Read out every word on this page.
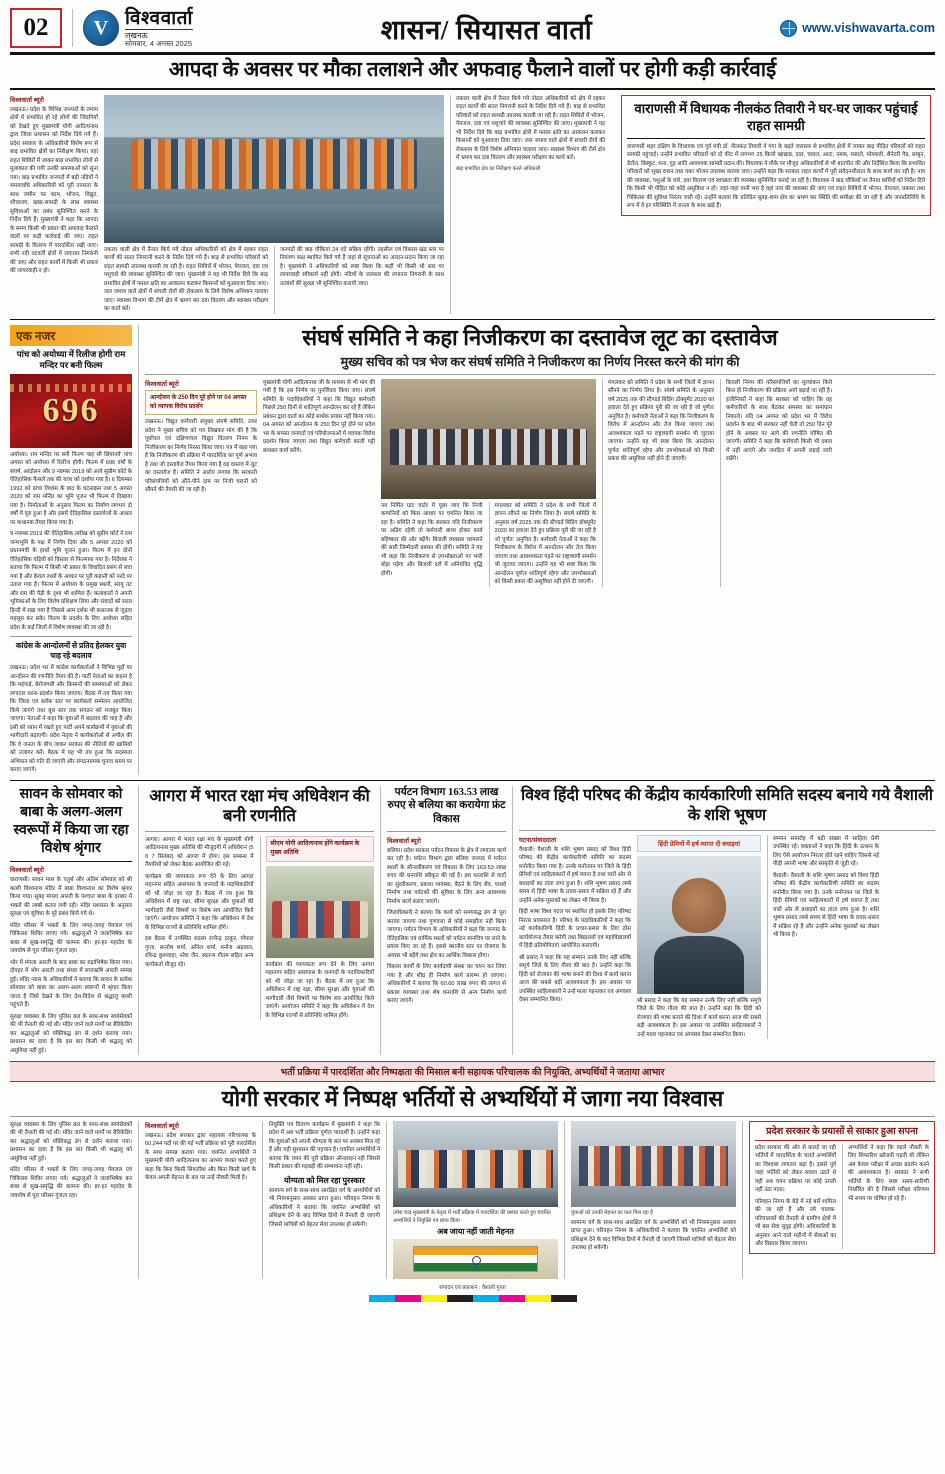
02 V	विश्ववार्ता
लखनऊ
सोमवार, 4 अगस्त 2025	शासन/ सियासत वार्ता	www.vishwavarta.com
आपदा के अवसर पर मौका तलाशने और अफवाह फैलाने वालों पर होगी कड़ी कार्रवाई
विश्ववार्ता ब्यूरो
लखनऊ। प्रदेश के विभिन्न जनपदों के तमाम क्षेत्रों में प्रभावित हो रहे लोगों की जिंदगियों को देखते हुए मुख्यमंत्री योगी आदित्यनाथ द्वारा जिला प्रशासन को निर्देश दिये गये हैं। प्रदेश सरकार के अधिकारियों विशेष रूप से बाढ़ प्रभावित क्षेत्रों का निरीक्षण किया। वहां राहत शिविरों में जाकर बाढ़ प्रभावित लोगों से मुलाकात की गयी उनकी समस्याओं को सुना गया। बाढ़ प्रभावित जनपदों में बड़ी नदियों ने समयावधि अधिकारियों को पूरी तत्परता के साथ जमीन पर काम, भोजन, विद्युत, शौचालय, खाद्य-सामग्री के साथ स्वास्थ्य सुविधाओं का प्रबंध सुनिश्चित करने के निर्देश दिये हैं। मुख्यमंत्री ने कहा कि आपदा के समय किसी भी प्रकार की अफवाह फैलाने वालों पर कड़ी कार्रवाई की जाए। राहत सामग्री के वितरण में पारदर्शिता रखी जाए। सभी नदी तटवर्ती क्षेत्रों में लगातार निगरानी की जाए और राहत कार्यों में किसी भी प्रकार की लापरवाही न हो।
तकरार वाली क्षेत्र में तैनात किये गये नोडल अधिकारियों को क्षेत्र में रहकर राहत कार्यों की सतत निगरानी करने के निर्देश दिये गये हैं। बाढ़ से प्रभावित परिवारों को राहत सामग्री उपलब्ध करायी जा रही है। राहत शिविरों में भोजन, पेयजल, दवा एवं पशुचारे की व्यवस्था सुनिश्चित की जाए। मुख्यमंत्री ने यह भी निर्देश दिये कि बाढ़ प्रभावित क्षेत्रों में फसल क्षति का आकलन कराकर किसानों को मुआवजा दिया जाए। जल जमाव वाले क्षेत्रों में संचारी रोगों की रोकथाम के लिये विशेष अभियान चलाया जाए। स्वास्थ्य विभाग की टीमें क्षेत्र में भ्रमण कर दवा वितरण और स्वास्थ्य परीक्षण का कार्य करें।
जनपदों की बाढ़ चौकियां 24 घंटे सक्रिय रहेंगी। तहसील एवं विकास खंड स्तर पर नियंत्रण कक्ष स्थापित किये गये हैं जहां से सूचनाओं का आदान-प्रदान किया जा रहा है। मुख्यमंत्री ने अधिकारियों को स्पष्ट किया कि कहीं भी किसी भी स्तर पर लापरवाही स्वीकार्य नहीं होगी। नदियों के जलस्तर की लगातार निगरानी के साथ तटबंधों की सुरक्षा भी सुनिश्चित करायी जाए।
तकरार वाली क्षेत्र में तैनात किये गये नोडल अधिकारियों को क्षेत्र में रहकर राहत कार्यों की सतत निगरानी करने के निर्देश दिये गये हैं। बाढ़ से प्रभावित परिवारों को राहत सामग्री उपलब्ध करायी जा रही है। राहत शिविरों में भोजन, पेयजल, दवा एवं पशुचारे की व्यवस्था सुनिश्चित की जाए। मुख्यमंत्री ने यह भी निर्देश दिये कि बाढ़ प्रभावित क्षेत्रों में फसल क्षति का आकलन कराकर किसानों को मुआवजा दिया जाए। जल जमाव वाले क्षेत्रों में संचारी रोगों की रोकथाम के लिये विशेष अभियान चलाया जाए। स्वास्थ्य विभाग की टीमें क्षेत्र में भ्रमण कर दवा वितरण और स्वास्थ्य परीक्षण का कार्य करें।
बाढ़ प्रभावित क्षेत्र का निरीक्षण करते अधिकारी
वाराणसी में विधायक नीलकंठ तिवारी ने घर-घर जाकर पहुंचाई राहत सामग्री
वाराणसी शहर दक्षिण के विधायक एवं पूर्व मंत्री डॉ. नीलकंठ तिवारी ने गंगा के बढ़ते जलस्तर से प्रभावित क्षेत्रों में जाकर बाढ़ पीड़ित परिवारों को राहत सामग्री पहुंचाई। उन्होंने प्रभावित परिवारों को दो फीट में लगभग 25 किलो खाद्यान्न, दाल, चावल, आटा, नमक, मसाले, मोमबत्ती, सैनेटरी पैड, साबुन, डेटॉल, बिस्कुट, चना, गुड़ आदि आवश्यक सामग्री प्रदान की। विधायक ने मौके पर मौजूद अधिकारियों से भी बातचीत की और निर्देशित किया कि प्रभावित परिवारों को सूखा राशन तथा पका भोजन उपलब्ध कराया जाए। उन्होंने कहा कि सरकार राहत कार्यों में पूरी संवेदनशीलता के साथ कार्य कर रही है। नाव की व्यवस्था, पशुओं के चारे, दवा वितरण एवं स्वच्छता की व्यवस्था सुनिश्चित कराई जा रही है। विधायक ने बाढ़ चौकियों पर तैनात कर्मियों को निर्देश दिये कि किसी भी पीड़ित को कोई असुविधा न हो। जहां-जहां पानी भरा है वहां नाव की व्यवस्था की जाए एवं राहत शिविरों में भोजन, पेयजल, प्रकाश तथा चिकित्सा की सुविधा निरंतर जारी रहे। उन्होंने बताया कि प्रतिदिन सुबह-शाम क्षेत्र का भ्रमण कर स्थिति की समीक्षा की जा रही है और जनप्रतिनिधि के रूप में वे हर परिस्थिति में जनता के साथ खड़े हैं।
एक नजर
पांच को अयोध्या में रिलीज होगी राम मन्दिर पर बनी फिल्म
696
अयोध्या। राम मन्दिर पर बनी फिल्म 'छह सौ छियानवे' पांच अगस्त को अयोध्या में रिलीज होगी। फिल्म में 696 वर्षों के संघर्ष, आंदोलन और 9 नवम्बर 2019 को आये सुप्रीम कोर्ट के ऐतिहासिक फैसले तक की यात्रा को दर्शाया गया है। 6 दिसम्बर 1992 को ढांचा विध्वंस के बाद के घटनाक्रम तथा 5 अगस्त 2020 को राम मन्दिर का भूमि पूजन भी फिल्म में दिखाया गया है। निर्माताओं के अनुसार फिल्म का निर्माण लगभग दो वर्षों में पूरा हुआ है और इसमें ऐतिहासिक दस्तावेजों के आधार पर कथानक तैयार किया गया है।
9 नवम्बर 2019 की ऐतिहासिक तारीख को सुप्रीम कोर्ट ने राम जन्मभूमि के पक्ष में निर्णय दिया और 5 अगस्त 2020 को प्रधानमंत्री के हाथों भूमि पूजन हुआ। फिल्म में इन दोनों ऐतिहासिक घड़ियों को विस्तार से फिल्माया गया है। निर्देशक ने बताया कि फिल्म में किसी भी प्रकार के विवादित प्रसंग से बचा गया है और केवल तथ्यों के आधार पर पूरी कहानी को परदे पर उतारा गया है। फिल्म में अयोध्या के प्रमुख स्थलों, सरयू तट और राम की पैड़ी के दृश्य भी शामिल हैं। कलाकारों ने अपनी भूमिकाओं के लिए विशेष प्रशिक्षण लिया और संवादों को सरल हिन्दी में रखा गया है जिससे आम दर्शक भी कथानक से जुड़ाव महसूस कर सके। फिल्म के प्रदर्शन के लिए अयोध्या सहित प्रदेश के कई जिलों में विशेष व्यवस्था की जा रही है।
कांग्रेस के आन्दोलनों से प्रतिद हेलकर युवा चाह रहे बदलाव
लखनऊ। प्रदेश भर में कांग्रेस कार्यकर्ताओं ने विभिन्न मुद्दों पर आन्दोलन की रणनीति तैयार की है। पार्टी नेताओं का कहना है कि महंगाई, बेरोजगारी और किसानों की समस्याओं को लेकर लगातार धरना-प्रदर्शन किया जाएगा। बैठक में तय किया गया कि जिला एवं ब्लॉक स्तर पर कार्यकर्ता सम्मेलन आयोजित किये जाएंगे तथा बूथ स्तर तक संगठन को मजबूत किया जाएगा। नेताओं ने कहा कि युवाओं में बदलाव की चाह है और इसी को ध्यान में रखते हुए पार्टी अपने कार्यक्रमों में युवाओं की भागीदारी बढ़ाएगी। प्रदेश नेतृत्व ने कार्यकर्ताओं से अपील की कि वे जनता के बीच जाकर सरकार की नीतियों की खामियों को उजागर करें। बैठक में यह भी तय हुआ कि सदस्यता अभियान को गति दी जाएगी और संगठनात्मक चुनाव समय पर कराए जाएंगे।
संघर्ष समिति ने कहा निजीकरण का दस्तावेज लूट का दस्तावेज
मुख्य सचिव को पत्र भेज कर संघर्ष समिति ने निजीकरण का निर्णय निरस्त करने की मांग की
विश्ववार्ता ब्यूरो
आन्दोलन के 250 दिन पूरे होने पर 04 अगस्त को व्यापक विरोध प्रदर्शन
लखनऊ। विद्युत कर्मचारी संयुक्त संघर्ष समिति, उत्तर प्रदेश ने मुख्य सचिव को पत्र लिखकर मांग की है कि पूर्वांचल एवं दक्षिणांचल विद्युत वितरण निगम के निजीकरण का निर्णय निरस्त किया जाए। पत्र में कहा गया है कि निजीकरण की प्रक्रिया में पारदर्शिता का पूर्ण अभाव है तथा जो दस्तावेज तैयार किया गया है वह वास्तव में लूट का दस्तावेज है। समिति ने आरोप लगाया कि सरकारी परिसंपत्तियों को औने-पौने दाम पर निजी घरानों को सौंपने की तैयारी की जा रही है।
मुख्यमंत्री योगी आदित्यनाथ जी के माध्यम से भी मांग की गयी है कि इस निर्णय पर पुनर्विचार किया जाए। संघर्ष समिति के पदाधिकारियों ने कहा कि विद्युत कर्मचारी पिछले 250 दिनों से शांतिपूर्ण आन्दोलन कर रहे हैं लेकिन प्रबंधन द्वारा वार्ता का कोई सार्थक प्रयास नहीं किया गया। 04 अगस्त को आन्दोलन के 250 दिन पूरे होने पर प्रदेश भर के समस्त जनपदों एवं परियोजनाओं में व्यापक विरोध प्रदर्शन किया जाएगा तथा विद्युत कर्मचारी काली पट्टी बांधकर कार्य करेंगे।
नव निर्मित ग्रांट चार्टर में पूछा जाए कि निजी कम्पनियों को किस आधार पर चयनित किया जा रहा है। समिति ने कहा कि सरकार यदि निजीकरण पर अडिग रहेगी तो कर्मचारी बाध्य होकर कार्य बहिष्कार की ओर बढ़ेंगे। बिजली व्यवस्था चरमराने की सारी जिम्मेदारी प्रबंधन की होगी। समिति ने यह भी कहा कि निजीकरण से उपभोक्ताओं पर भारी बोझ पड़ेगा और बिजली दरों में अनियंत्रित वृद्धि होगी।
मंगलवार को समिति ने प्रदेश के सभी जिलों में ज्ञापन सौंपने का निर्णय लिया है। संघर्ष समिति के अनुसार वर्ष 2025 तक की स्टैण्डर्ड बिडिंग डॉक्यूमेंट 2020 का हवाला देते हुए प्रक्रिया पूरी की जा रही है जो पूर्णतः अनुचित है। कर्मचारी नेताओं ने कहा कि निजीकरण के विरोध में आन्दोलन और तेज किया जाएगा तथा आवश्यकता पड़ने पर राष्ट्रव्यापी समर्थन भी जुटाया जाएगा। उन्होंने यह भी स्पष्ट किया कि आन्दोलन पूर्णतः शांतिपूर्ण रहेगा और उपभोक्ताओं को किसी प्रकार की असुविधा नहीं होने दी जाएगी।
मंगलवार को समिति ने प्रदेश के सभी जिलों में ज्ञापन सौंपने का निर्णय लिया है। संघर्ष समिति के अनुसार वर्ष 2025 तक की स्टैण्डर्ड बिडिंग डॉक्यूमेंट 2020 का हवाला देते हुए प्रक्रिया पूरी की जा रही है जो पूर्णतः अनुचित है। कर्मचारी नेताओं ने कहा कि निजीकरण के विरोध में आन्दोलन और तेज किया जाएगा तथा आवश्यकता पड़ने पर राष्ट्रव्यापी समर्थन भी जुटाया जाएगा। उन्होंने यह भी स्पष्ट किया कि आन्दोलन पूर्णतः शांतिपूर्ण रहेगा और उपभोक्ताओं को किसी प्रकार की असुविधा नहीं होने दी जाएगी।
बिजली निगम की परिसंपत्तियों का मूल्यांकन किये बिना ही निजीकरण की प्रक्रिया आगे बढ़ाई जा रही है। इंजीनियरों ने कहा कि सरकार को चाहिए कि वह कर्मचारियों के साथ बैठकर समस्या का समाधान निकाले। यदि 04 अगस्त को प्रदेश भर में विरोध प्रदर्शन के बाद भी सरकार नहीं चेती तो 250 दिन पूरे होने के अवसर पर आगे की रणनीति घोषित की जाएगी। समिति ने कहा कि कर्मचारी किसी भी दबाव में नहीं आएंगे और जनहित में अपनी लड़ाई जारी रखेंगे।
सावन के सोमवार को बाबा के अलग-अलग स्वरूपों में किया जा रहा विशेष श्रृंगार
विश्ववार्ता ब्यूरो
वाराणसी। सावन मास के चतुर्थ और अंतिम सोमवार को श्री काशी विश्वनाथ मंदिर में बाबा विश्वनाथ का विशेष श्रृंगार किया गया। सुबह मंगला आरती के पश्चात बाबा के दरबार में भक्तों की लम्बी कतार लगी रही। मंदिर प्रशासन के अनुसार सुरक्षा एवं सुविधा के पूरे प्रबंध किये गये थे।
मंदिर परिसर में भक्तों के लिए जगह-जगह पेयजल एवं चिकित्सा शिविर लगाए गये। श्रद्धालुओं ने जलाभिषेक कर बाबा से सुख-समृद्धि की कामना की। हर-हर महादेव के जयघोष से पूरा परिसर गूंजता रहा।
भोर में मंगला आरती के बाद बाबा का रुद्राभिषेक किया गया। दोपहर में भोग आरती तथा संध्या में सप्तऋषि आरती सम्पन्न हुई। मंदिर न्यास के अधिकारियों ने बताया कि सावन के प्रत्येक सोमवार को बाबा का अलग-अलग स्वरूपों में श्रृंगार किया जाता है जिसे देखने के लिए देश-विदेश से श्रद्धालु काशी पहुंचते हैं।
सुरक्षा व्यवस्था के लिए पुलिस बल के साथ-साथ स्वयंसेवकों की भी तैनाती की गई थी। मंदिर जाने वाले मार्गों पर बैरिकेडिंग कर श्रद्धालुओं को पंक्तिबद्ध ढंग से दर्शन कराया गया। प्रशासन का दावा है कि इस बार किसी भी श्रद्धालु को असुविधा नहीं हुई।
आगरा में भारत रक्षा मंच अधिवेशन की बनी रणनीति
आगरा। आगरा में भारत रक्षा मंच के मुख्यमंत्री योगी आदित्यनाथ मुख्य अतिथि की मौजूदगी में अधिवेशन (5 व 7 सितंबर) को आगरा में होगा। इस सम्बन्ध में तैयारियों को लेकर बैठक आयोजित की गई।
कार्यक्रम की व्यापकता रूप देने के लिए आगरा महानगर सहित आसपास के जनपदों के पदाधिकारियों को भी जोड़ा जा रहा है। बैठक में तय हुआ कि अधिवेशन में राष्ट्र रक्षा, सीमा सुरक्षा और युवाओं की भागीदारी जैसे विषयों पर विशेष सत्र आयोजित किये जाएंगे। आयोजन समिति ने कहा कि अधिवेशन में देश के विभिन्न राज्यों से प्रतिनिधि शामिल होंगे।
इस बैठक में उपस्थित सदस्य राजेन्द्र ठाकुर, गोपाल गुप्ता, सन्तोष शर्मा, अनिल शर्मा, मनोज अग्रवाल, रविन्द्र कुशवाहा, नरेश जैन, स्वतन्त्र गौतम सहित अन्य कार्यकर्ता मौजूद रहे।
सीएम योगी आदित्यनाथ होंगे कार्यक्रम के मुख्य अतिथि
कार्यक्रम की व्यापकता रूप देने के लिए आगरा महानगर सहित आसपास के जनपदों के पदाधिकारियों को भी जोड़ा जा रहा है। बैठक में तय हुआ कि अधिवेशन में राष्ट्र रक्षा, सीमा सुरक्षा और युवाओं की भागीदारी जैसे विषयों पर विशेष सत्र आयोजित किये जाएंगे। आयोजन समिति ने कहा कि अधिवेशन में देश के विभिन्न राज्यों से प्रतिनिधि शामिल होंगे।
पर्यटन विभाग 163.53 लाख रुपए से बलिया का करायेगा फ्रंट विकास
विश्ववार्ता ब्यूरो
बलिया। प्रदेश सरकार पर्यटन विकास के क्षेत्र में लगातार कार्य कर रही है। पर्यटन विभाग द्वारा बलिया जनपद में पर्यटन स्थलों के सौन्दर्यीकरण एवं विकास के लिए 163.53 लाख रुपए की धनराशि स्वीकृत की गई है। इस धनराशि से घाटों का सुंदरीकरण, प्रकाश व्यवस्था, बैठने के लिए बेंच, पाथवे निर्माण तथा पर्यटकों की सुविधा के लिए अन्य आवश्यक निर्माण कार्य कराए जाएंगे।
जिलाधिकारी ने बताया कि कार्य को समयबद्ध ढंग से पूरा कराया जाएगा तथा गुणवत्ता से कोई समझौता नहीं किया जाएगा। पर्यटन विभाग के अधिकारियों ने कहा कि जनपद के ऐतिहासिक एवं धार्मिक स्थलों को पर्यटन मानचित्र पर लाने के प्रयास किए जा रहे हैं। इससे स्थानीय स्तर पर रोजगार के अवसर भी बढ़ेंगे तथा क्षेत्र का आर्थिक विकास होगा।
विकास कार्यों के लिए कार्यदायी संस्था का चयन कर लिया गया है और शीघ्र ही निर्माण कार्य प्रारम्भ हो जाएगा। अधिकारियों ने बताया कि 60.60 लाख रुपए की लागत से प्रकाश व्यवस्था तथा शेष धनराशि से अन्य निर्माण कार्य कराए जाएंगे।
विश्व हिंदी परिषद की केंद्रीय कार्यकारिणी समिति सदस्य बनाये गये वैशाली के शशि भूषण
घटना/संवाददाता
वैशाली। वैशाली के शशि भूषण प्रसाद को विश्व हिंदी परिषद की केंद्रीय कार्यकारिणी समिति का सदस्य मनोनीत किया गया है। उनके मनोनयन पर जिले के हिंदी प्रेमियों एवं साहित्यकारों में हर्ष व्याप्त है तथा चारों ओर से बधाइयों का तांता लगा हुआ है। शशि भूषण प्रसाद लम्बे समय से हिंदी भाषा के प्रचार-प्रसार में सक्रिय रहे हैं और उन्होंने अनेक पुस्तकों का लेखन भी किया है।
हिंदी भाषा विश्व पटल पर स्थापित हो इसके लिए परिषद निरंतर प्रयासरत है। परिषद के पदाधिकारियों ने कहा कि नई कार्यकारिणी हिंदी के प्रचार-प्रसार के लिए ठोस कार्ययोजना तैयार करेगी तथा विद्यालयों एवं महाविद्यालयों में हिंदी प्रतियोगिताएं आयोजित कराएगी।
श्री प्रसाद ने कहा कि यह सम्मान उनके लिए नहीं बल्कि समूचे जिले के लिए गौरव की बात है। उन्होंने कहा कि हिंदी को रोजगार की भाषा बनाने की दिशा में कार्य करना आज की सबसे बड़ी आवश्यकता है। इस अवसर पर उपस्थित साहित्यकारों ने उन्हें माला पहनाकर एवं अंगवस्त्र देकर सम्मानित किया।
हिंदी प्रेमियों में हर्ष व्याप्त दी बधाइयां
श्री प्रसाद ने कहा कि यह सम्मान उनके लिए नहीं बल्कि समूचे जिले के लिए गौरव की बात है। उन्होंने कहा कि हिंदी को रोजगार की भाषा बनाने की दिशा में कार्य करना आज की सबसे बड़ी आवश्यकता है। इस अवसर पर उपस्थित साहित्यकारों ने उन्हें माला पहनाकर एवं अंगवस्त्र देकर सम्मानित किया।
सम्मान समारोह में बड़ी संख्या में साहित्य प्रेमी उपस्थित रहे। वक्ताओं ने कहा कि हिंदी के उत्थान के लिए ऐसे आयोजन निरंतर होते रहने चाहिए जिससे नई पीढ़ी अपनी भाषा और संस्कृति से जुड़ी रहे।
वैशाली। वैशाली के शशि भूषण प्रसाद को विश्व हिंदी परिषद की केंद्रीय कार्यकारिणी समिति का सदस्य मनोनीत किया गया है। उनके मनोनयन पर जिले के हिंदी प्रेमियों एवं साहित्यकारों में हर्ष व्याप्त है तथा चारों ओर से बधाइयों का तांता लगा हुआ है। शशि भूषण प्रसाद लम्बे समय से हिंदी भाषा के प्रचार-प्रसार में सक्रिय रहे हैं और उन्होंने अनेक पुस्तकों का लेखन भी किया है।
भर्ती प्रक्रिया में पारदर्शिता और निष्पक्षता की मिसाल बनी सहायक परिचालक की नियुक्ति, अभ्यर्थियों ने जताया आभार
योगी सरकार में निष्पक्ष भर्तियों से अभ्यर्थियों में जागा नया विश्वास
सुरक्षा व्यवस्था के लिए पुलिस बल के साथ-साथ स्वयंसेवकों की भी तैनाती की गई थी। मंदिर जाने वाले मार्गों पर बैरिकेडिंग कर श्रद्धालुओं को पंक्तिबद्ध ढंग से दर्शन कराया गया। प्रशासन का दावा है कि इस बार किसी भी श्रद्धालु को असुविधा नहीं हुई।
मंदिर परिसर में भक्तों के लिए जगह-जगह पेयजल एवं चिकित्सा शिविर लगाए गये। श्रद्धालुओं ने जलाभिषेक कर बाबा से सुख-समृद्धि की कामना की। हर-हर महादेव के जयघोष से पूरा परिसर गूंजता रहा।
विश्ववार्ता ब्यूरो
लखनऊ। प्रदेश सरकार द्वारा सहायक परिचालक के 60,244 पदों पर की गई भर्ती प्रक्रिया को पूरी पारदर्शिता के साथ सम्पन्न कराया गया। चयनित अभ्यर्थियों ने मुख्यमंत्री योगी आदित्यनाथ का आभार व्यक्त करते हुए कहा कि बिना किसी सिफारिश और बिना किसी खर्च के केवल अपनी मेहनत के बल पर उन्हें नौकरी मिली है।
नियुक्ति पत्र वितरण कार्यक्रम में मुख्यमंत्री ने कहा कि प्रदेश में अब भर्ती प्रक्रिया पूर्णतः पारदर्शी है। उन्होंने कहा कि युवाओं को अपनी योग्यता के बल पर अवसर मिल रहे हैं और यही सुशासन की पहचान है। चयनित अभ्यर्थियों ने बताया कि चयन की पूरी प्रक्रिया ऑनलाइन रही जिससे किसी प्रकार की गड़बड़ी की सम्भावना नहीं रही।
योग्यता को मिल रहा पुरस्कार
सामान्य वर्ग के साथ-साथ आरक्षित वर्ग के अभ्यर्थियों को भी नियमानुसार अवसर प्राप्त हुआ। परिवहन निगम के अधिकारियों ने बताया कि चयनित अभ्यर्थियों को प्रशिक्षण देने के बाद विभिन्न डिपो में तैनाती दी जाएगी जिससे यात्रियों को बेहतर सेवा उपलब्ध हो सकेगी।
उमेश चन्द्र मुख्यमंत्री के नेतृत्व में भर्ती प्रक्रिया में पारदर्शिता की प्रशंसा करते हुए चयनित अभ्यर्थियों ने नियुक्ति पत्र प्राप्त किया
अब जाया नहीं जाती मेहनत
युवाओं को उनकी मेहनत का फल मिल रहा है
सामान्य वर्ग के साथ-साथ आरक्षित वर्ग के अभ्यर्थियों को भी नियमानुसार अवसर प्राप्त हुआ। परिवहन निगम के अधिकारियों ने बताया कि चयनित अभ्यर्थियों को प्रशिक्षण देने के बाद विभिन्न डिपो में तैनाती दी जाएगी जिससे यात्रियों को बेहतर सेवा उपलब्ध हो सकेगी।
प्रदेश सरकार के प्रयासों से साकार हुआ सपना
प्रदेश सरकार की ओर से कराई जा रही भर्तियों में पारदर्शिता के चलते अभ्यर्थियों का विश्वास लगातार बढ़ा है। इससे पूर्व जहां भर्तियों को लेकर सवाल उठते थे वहीं अब चयन प्रक्रिया पर कोई उंगली नहीं उठा पाता।
परिवहन निगम के बेड़े में नई बसें शामिल की जा रही हैं और नये चालक-परिचालकों की तैनाती से ग्रामीण क्षेत्रों में भी बस सेवा सुदृढ़ होगी। अधिकारियों के अनुसार आने वाले महीनों में सेवाओं का और विस्तार किया जाएगा।
अभ्यर्थियों ने कहा कि पहले नौकरी के लिए सिफारिश खोजनी पड़ती थी लेकिन अब केवल परीक्षा में अच्छा प्रदर्शन करने की आवश्यकता है। सरकार ने सभी भर्तियों के लिए स्पष्ट समय-सारिणी निर्धारित की है जिससे परीक्षा परिणाम भी समय पर घोषित हो रहे हैं।
संपादन एवं प्रकाशन : वैशाली गुप्ता
